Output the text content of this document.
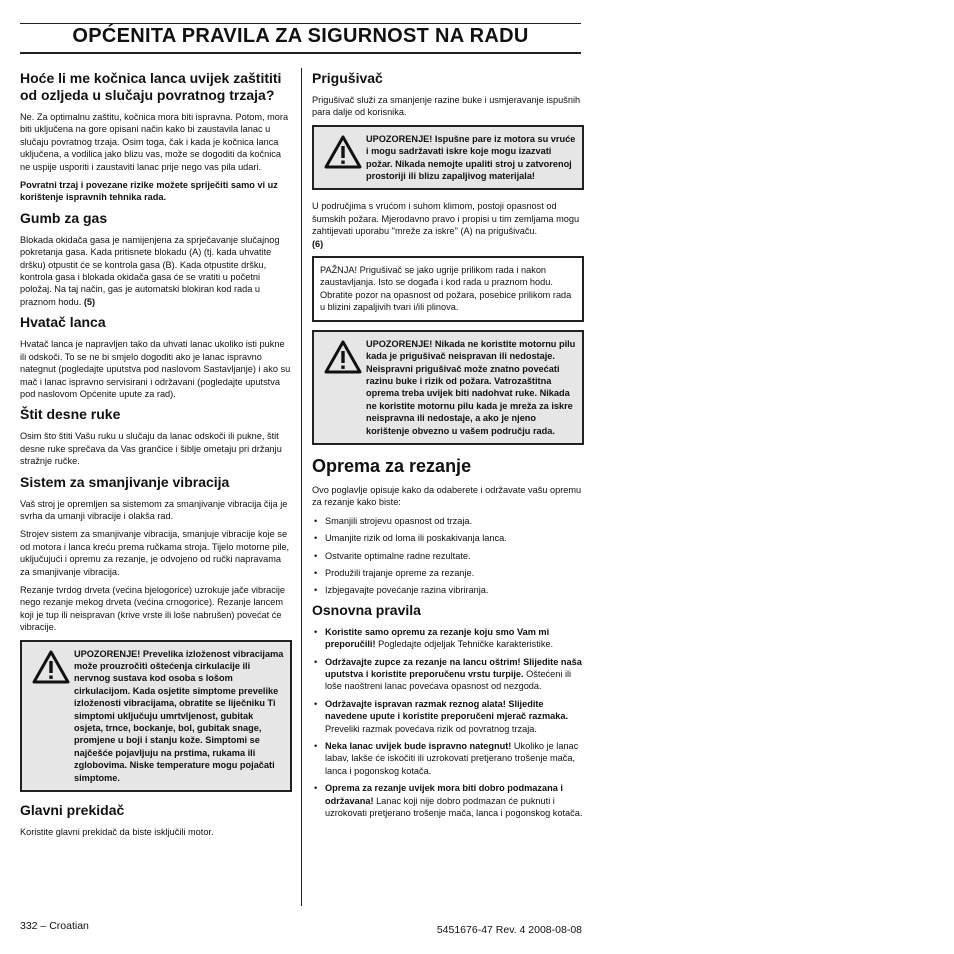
OPĆENITA PRAVILA ZA SIGURNOST NA RADU
Hoće li me kočnica lanca uvijek zaštititi od ozljeda u slučaju povratnog trzaja?

Ne. Za optimalnu zaštitu, kočnica mora biti ispravna. Potom, mora biti uključena na gore opisani način kako bi zaustavila lanac u slučaju povratnog trzaja. Osim toga, čak i kada je kočnica lanca uključena, a vodilica jako blizu vas, može se dogoditi da kočnica ne uspije usporiti i zaustaviti lanac prije nego vas pila udari.

Povratni trzaj i povezane rizike možete spriječiti samo vi uz korištenje ispravnih tehnika rada.

Gumb za gas

Blokada okidača gasa je namijenjena za sprječavanje slučajnog pokretanja gasa. Kada pritisnete blokadu (A) (tj. kada uhvatite dršku) otpustit će se kontrola gasa (B). Kada otpustite dršku, kontrola gasa i blokada okidača gasa će se vratiti u početni položaj. Na taj način, gas je automatski blokiran kod rada u praznom hodu. (5)

Hvatač lanca

Hvatač lanca je napravljen tako da uhvati lanac ukoliko isti pukne ili odskoči. To se ne bi smjelo dogoditi ako je lanac ispravno nategnut (pogledajte uputstva pod naslovom Sastavljanje) i ako su mač i lanac ispravno servisirani i održavani (pogledajte uputstva pod naslovom Općenite upute za rad).

Štit desne ruke

Osim što štiti Vašu ruku u slučaju da lanac odskoči ili pukne, štit desne ruke sprečava da Vas grančice i šiblje ometaju pri držanju stražnje ručke.

Sistem za smanjivanje vibracija

Vaš stroj je opremljen sa sistemom za smanjivanje vibracija čija je svrha da umanji vibracije i olakša rad.

Strojev sistem za smanjivanje vibracija, smanjuje vibracije koje se od motora i lanca kreću prema ručkama stroja. Tijelo motorne pile, uključujući i opremu za rezanje, je odvojeno od ručki napravama za smanjivanje vibracija.

Rezanje tvrdog drveta (većina bjelogorice) uzrokuje jače vibracije nego rezanje mekog drveta (većina crnogorice). Rezanje lancem koji je tup ili neispravan (krive vrste ili loše nabrušen) povećat će vibracije.

UPOZORENJE! Prevelika izloženost vibracijama može prouzročiti oštećenja cirkulacije ili nervnog sustava kod osoba s lošom cirkulacijom. Kada osjetite simptome prevelike izloženosti vibracijama, obratite se liječniku Ti simptomi uključuju umrtvljenost, gubitak osjeta, trnce, bockanje, bol, gubitak snage, promjene u boji i stanju kože. Simptomi se najčešće pojavljuju na prstima, rukama ili zglobovima. Niske temperature mogu pojačati simptome.
Glavni prekidač

Koristite glavni prekidač da biste isključili motor.

Prigušivač

Prigušivač služi za smanjenje razine buke i usmjeravanje ispušnih para dalje od korisnika.

UPOZORENJE! Ispušne pare iz motora su vruće i mogu sadržavati iskre koje mogu izazvati požar. Nikada nemojte upaliti stroj u zatvorenoj prostoriji ili blizu zapaljivog materijala!

U područjima s vrućom i suhom klimom, postoji opasnost od šumskih požara. Mjerodavno pravo i propisi u tim zemljama mogu zahtijevati uporabu "mreže za iskre" (A) na prigušivaču.
(6)

PAŽNJA! Prigušivač se jako ugrije prilikom rada i nakon zaustavljanja. Isto se događa i kod rada u praznom hodu. Obratite pozor na opasnost od požara, posebice prilikom rada u blizini zapaljivih tvari i/ili plinova.
UPOZORENJE! Nikada ne koristite motornu pilu kada je prigušivač neispravan ili nedostaje. Neispravni prigušivač može znatno povećati razinu buke i rizik od požara. Vatrozaštitna oprema treba uvijek biti nadohvat ruke. Nikada ne koristite motornu pilu kada je mreža za iskre neispravna ili nedostaje, a ako je njeno korištenje obvezno u vašem području rada.
Oprema za rezanje

Ovo poglavlje opisuje kako da odaberete i održavate vašu opremu za rezanje kako biste:

• Smanjili strojevu opasnost od trzaja.
• Umanjite rizik od loma ili poskakivanja lanca.
• Ostvarite optimalne radne rezultate.
• Produžili trajanje opreme za rezanje.
• Izbjegavajte povećanje razina vibriranja.
Osnovna pravila
• Koristite samo opremu za rezanje koju smo Vam mi preporučili! Pogledajte odjeljak Tehničke karakteristike.
• Održavajte zupce za rezanje na lancu oštrim! Slijedite naša uputstva i koristite preporučenu vrstu turpije. Oštećeni ili loše naoštreni lanac povećava opasnost od nezgoda.
• Održavajte ispravan razmak reznog alata! Slijedite navedene upute i koristite preporučeni mjerač razmaka. Preveliki razmak povećava rizik od povratnog trzaja.
• Neka lanac uvijek bude ispravno nategnut! Ukoliko je lanac labav, lakše će iskočiti ili uzrokovati pretjerano trošenje mača, lanca i pogonskog kotača.
• Oprema za rezanje uvijek mora biti dobro podmazana i održavana! Lanac koji nije dobro podmazan će puknuti i uzrokovati pretjerano trošenje mača, lanca i pogonskog kotača.
332 – Croatian	5451676-47 Rev. 4 2008-08-08
